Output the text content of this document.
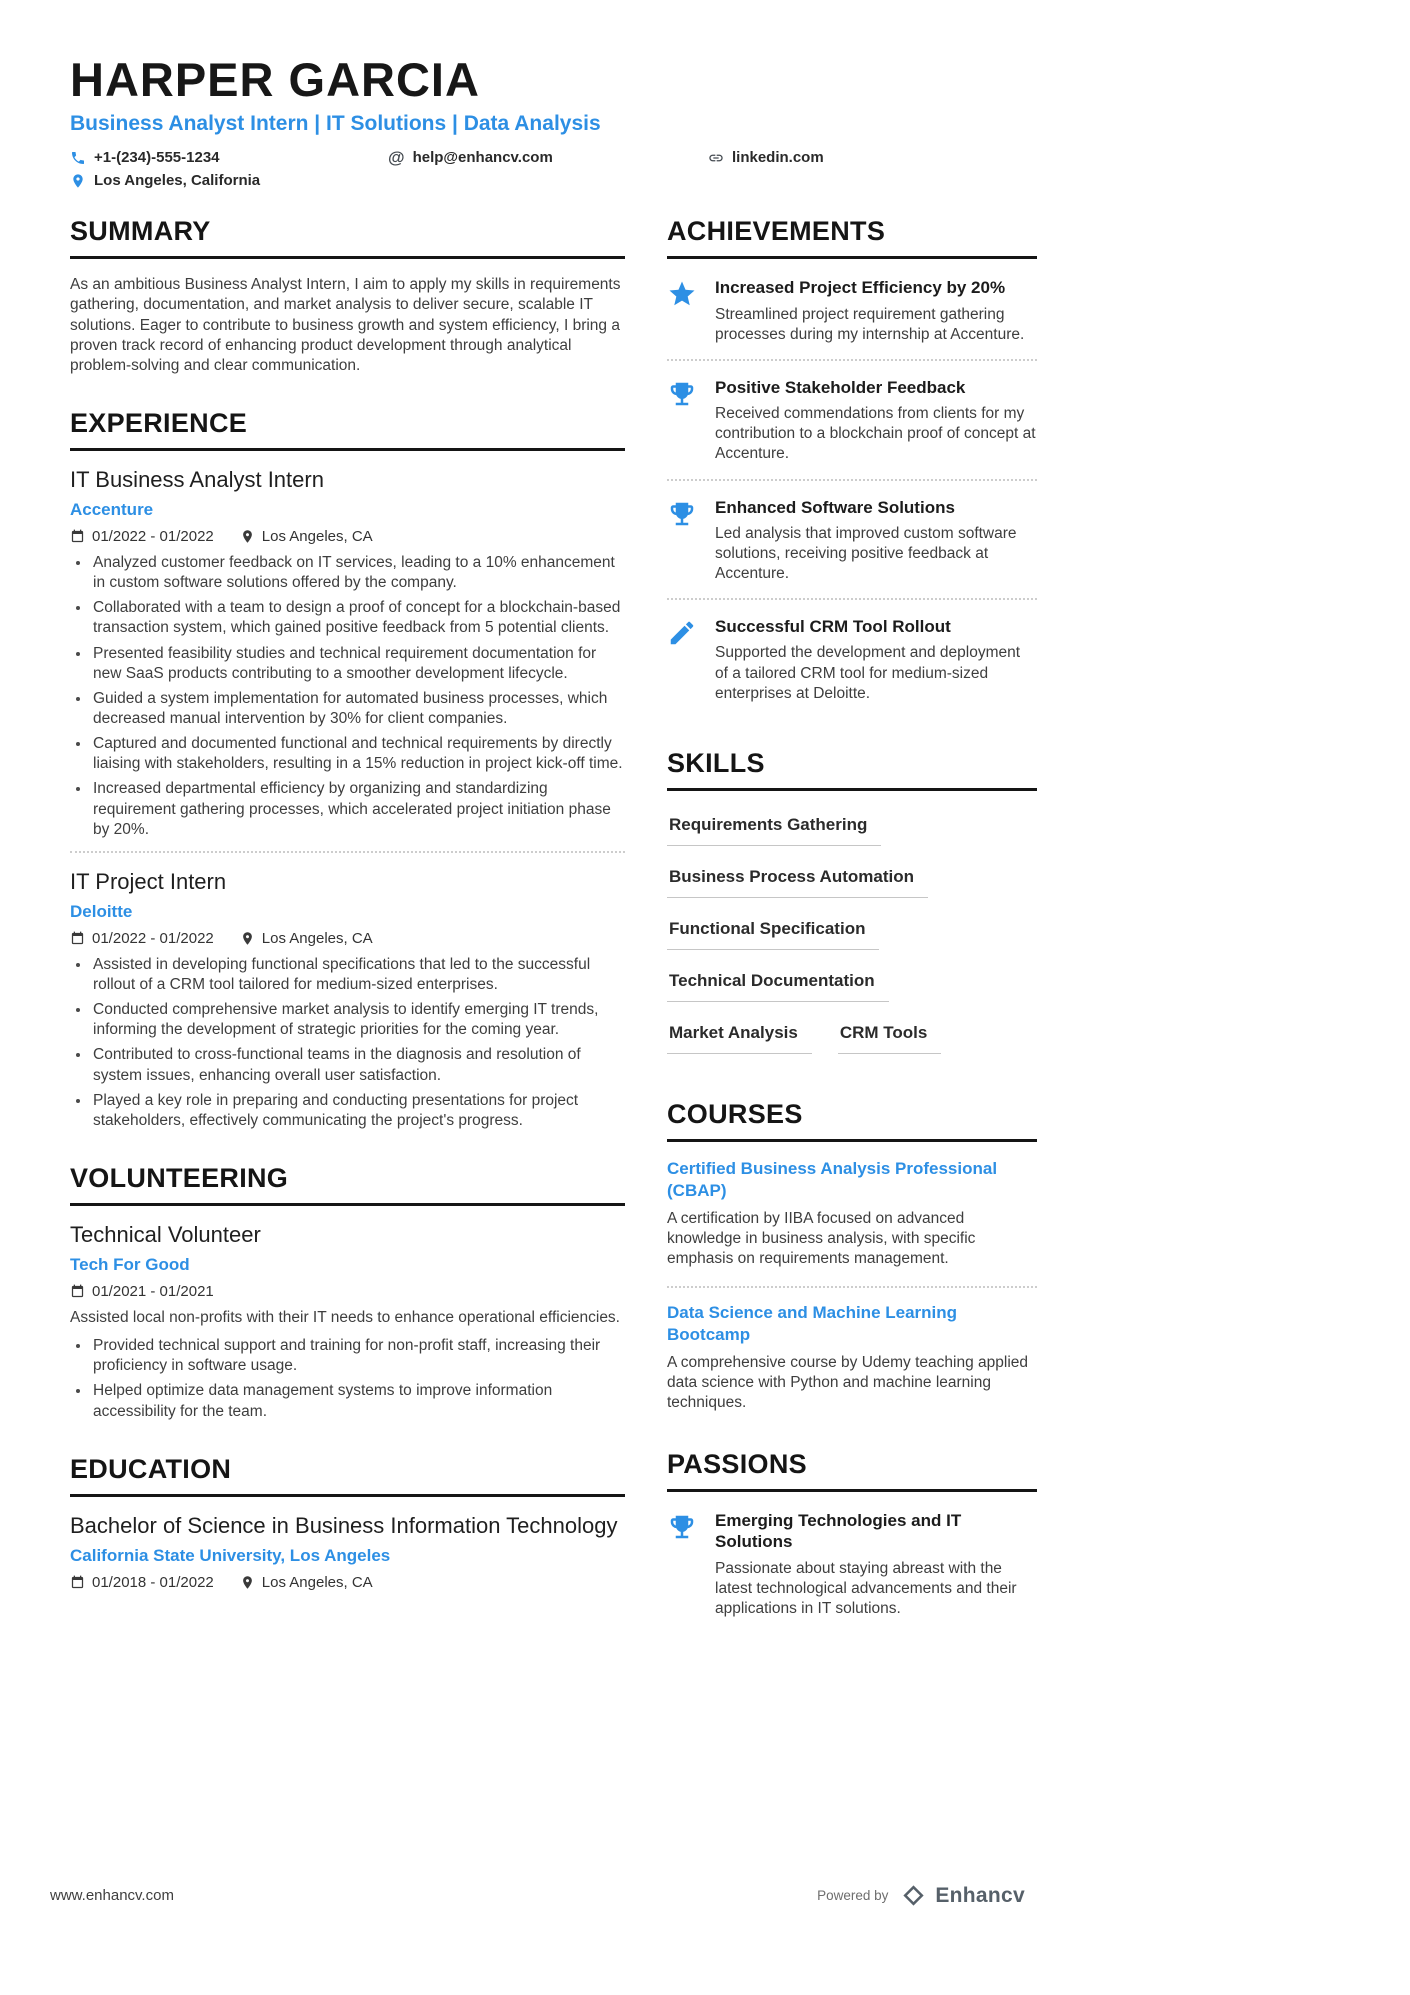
HARPER GARCIA
Business Analyst Intern | IT Solutions | Data Analysis
+1-(234)-555-1234	@ help@enhancv.com	linkedin.com
Los Angeles, California
SUMMARY

As an ambitious Business Analyst Intern, I aim to apply my skills in requirements gathering, documentation, and market analysis to deliver secure, scalable IT solutions. Eager to contribute to business growth and system efficiency, I bring a proven track record of enhancing product development through analytical problem-solving and clear communication.

EXPERIENCE
IT Business Analyst Intern
Accenture
01/2022 - 01/2022	Los Angeles, CA
• Analyzed customer feedback on IT services, leading to a 10% enhancement in custom software solutions offered by the company.
• Collaborated with a team to design a proof of concept for a blockchain-based transaction system, which gained positive feedback from 5 potential clients.
• Presented feasibility studies and technical requirement documentation for new SaaS products contributing to a smoother development lifecycle.
• Guided a system implementation for automated business processes, which decreased manual intervention by 30% for client companies.
• Captured and documented functional and technical requirements by directly liaising with stakeholders, resulting in a 15% reduction in project kick-off time.
• Increased departmental efficiency by organizing and standardizing requirement gathering processes, which accelerated project initiation phase by 20%.
IT Project Intern
Deloitte
01/2022 - 01/2022	Los Angeles, CA
• Assisted in developing functional specifications that led to the successful rollout of a CRM tool tailored for medium-sized enterprises.
• Conducted comprehensive market analysis to identify emerging IT trends, informing the development of strategic priorities for the coming year.
• Contributed to cross-functional teams in the diagnosis and resolution of system issues, enhancing overall user satisfaction.
• Played a key role in preparing and conducting presentations for project stakeholders, effectively communicating the project's progress.
VOLUNTEERING
Technical Volunteer
Tech For Good
01/2021 - 01/2021

Assisted local non-profits with their IT needs to enhance operational efficiencies.

• Provided technical support and training for non-profit staff, increasing their proficiency in software usage.
• Helped optimize data management systems to improve information accessibility for the team.
EDUCATION
Bachelor of Science in Business Information Technology
California State University, Los Angeles
01/2018 - 01/2022	Los Angeles, CA
ACHIEVEMENTS
Increased Project Efficiency by 20%
Streamlined project requirement gathering processes during my internship at Accenture.
Positive Stakeholder Feedback
Received commendations from clients for my contribution to a blockchain proof of concept at Accenture.
Enhanced Software Solutions
Led analysis that improved custom software solutions, receiving positive feedback at Accenture.
Successful CRM Tool Rollout
Supported the development and deployment of a tailored CRM tool for medium-sized enterprises at Deloitte.
SKILLS
Requirements Gathering
Business Process Automation
Functional Specification
Technical Documentation
Market Analysis	CRM Tools
COURSES
Certified Business Analysis Professional (CBAP)
A certification by IIBA focused on advanced knowledge in business analysis, with specific emphasis on requirements management.
Data Science and Machine Learning Bootcamp
A comprehensive course by Udemy teaching applied data science with Python and machine learning techniques.
PASSIONS
Emerging Technologies and IT Solutions
Passionate about staying abreast with the latest technological advancements and their applications in IT solutions.
www.enhancv.com	Powered by Enhancv
